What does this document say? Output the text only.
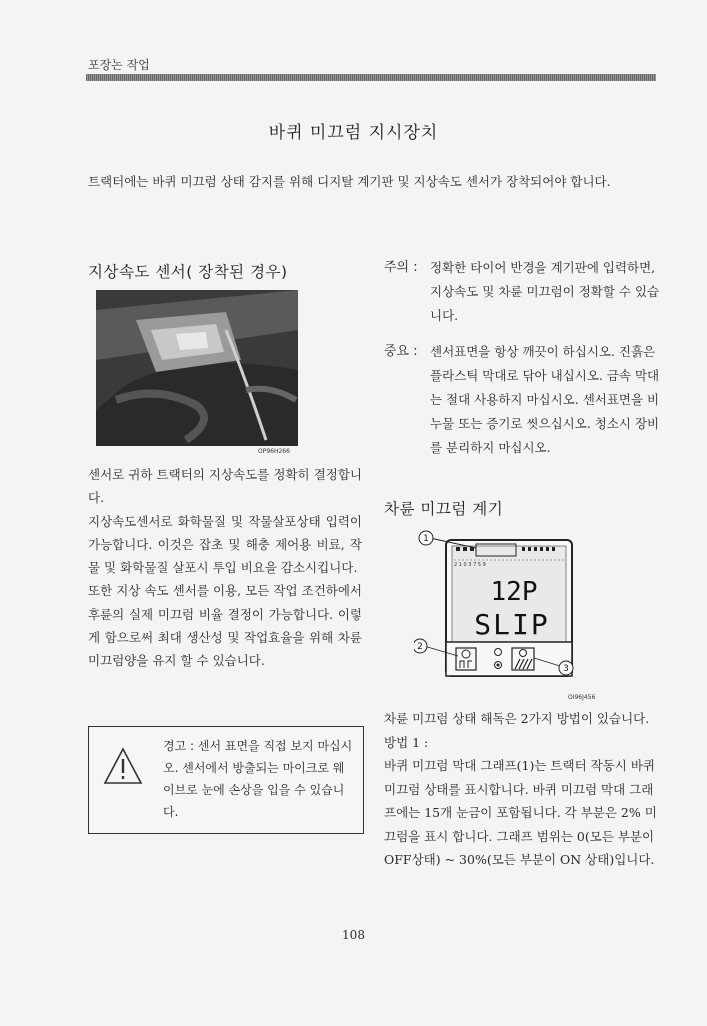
포장논 작업
바퀴 미끄럼 지시장치
트랙터에는 바퀴 미끄럼 상태 감지를 위해 디지탈 계기판 및 지상속도 센서가 장착되어야 합니다.
지상속도 센서( 장착된 경우)
OP96H266

센서로 귀하 트랙터의 지상속도를 정확히 결정합니다.

지상속도센서로 화학물질 및 작물살포상태 입력이 가능합니다. 이것은 잡초 및 해충 제어용 비료, 작물 및 화학물질 살포시 투입 비요을 감소시킵니다.

또한 지상 속도 센서를 이용, 모든 작업 조건하에서 후륜의 실제 미끄럼 비율 결정이 가능합니다. 이렇게 함으로써 최대 생산성 및 작업효율을 위해 차륜 미끄럼양을 유지 할 수 있습니다.

경고 : 센서 표면을 직접 보지 마십시오. 센서에서 방출되는 마이크로 웨이브로 눈에 손상을 입을 수 있습니다.
주의 : 정확한 타이어 반경을 계기판에 입력하면, 지상속도 및 차륜 미끄럼이 정확할 수 있습니다.
중요 : 센서표면을 항상 깨끗이 하십시오. 진흙은 플라스틱 막대로 닦아 내십시오. 금속 막대는 절대 사용하지 마십시오. 센서표면을 비누물 또는 증기로 씻으십시오. 청소시 장비를 분리하지 마십시오.
차륜 미끄럼 계기
2 1 0 3 7 5 9
1
2
3
12P
SLIP
OI96J456

차륜 미끄럼 상태 해독은 2가지 방법이 있습니다.

방법 1 :

바퀴 미끄럼 막대 그래프(1)는 트랙터 작동시 바퀴 미끄럼 상태를 표시합니다. 바퀴 미끄럼 막대 그래프에는 15개 눈금이 포함됩니다. 각 부분은 2% 미끄럼을 표시 합니다. 그래프 범위는 0(모든 부분이 OFF상태) ~ 30%(모든 부분이 ON 상태)입니다.

108
